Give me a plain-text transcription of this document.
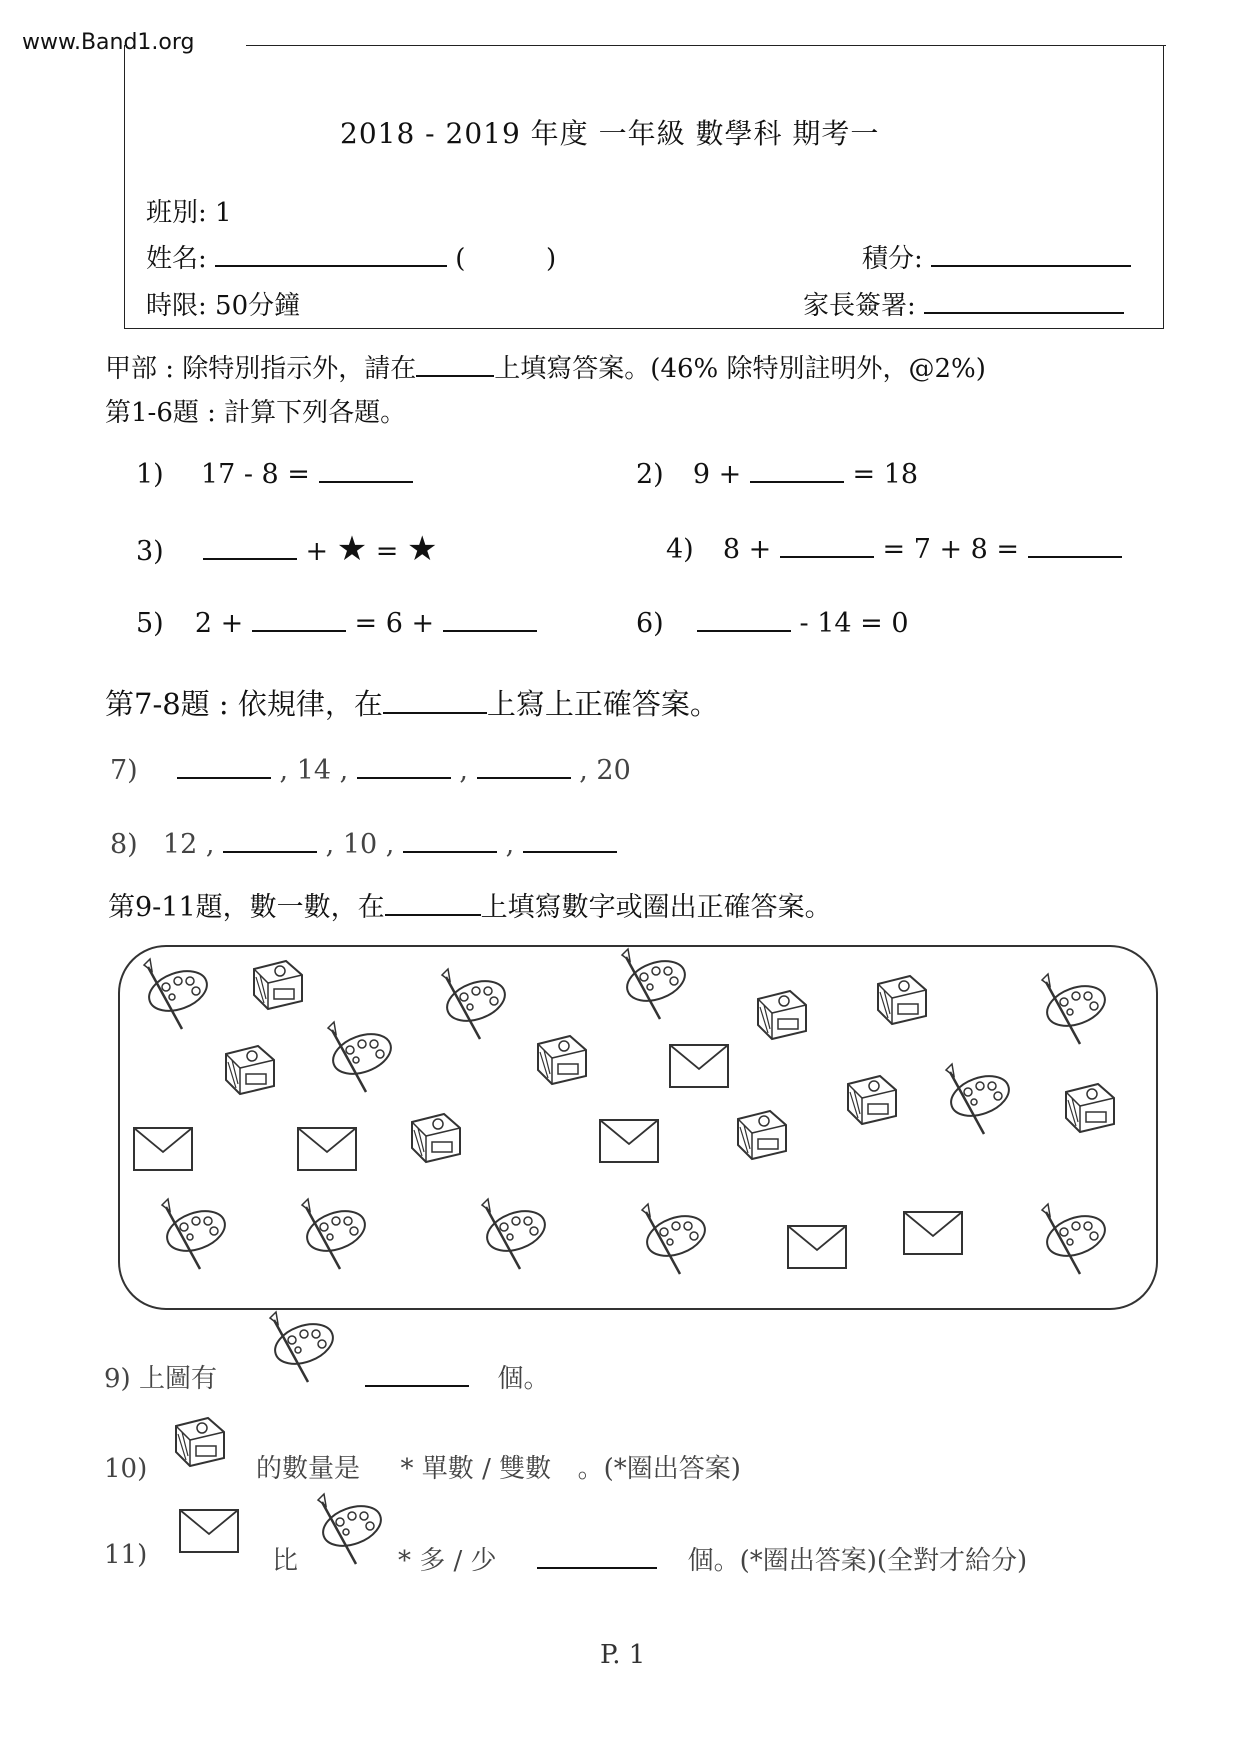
www.Band1.org
2018 - 2019 年度 一年級 數學科 期考一
班別: 1
姓名:	(	)	積分:
時限: 50分鐘	家長簽署:
甲部 : 除特別指示外，請在	上填寫答案。(46% 除特別註明外，@2%)
第1-6題 : 計算下列各題。
1) 17 - 8 =	2) 9 +	= 18
3)	+ ★ = ★	4) 8 +	= 7 + 8 =
5) 2 +	= 6 +	6)	- 14 = 0
第7-8題 : 依規律，在	上寫上正確答案。
7)	, 14 ,	,	, 20
8) 12 ,	, 10 ,	,
第9-11題，數一數，在	上填寫數字或圈出正確答案。
9) 上圖有	個。
10)	的數量是 * 單數 / 雙數 。(*圈出答案)
11)	比	* 多 / 少	個。(*圈出答案)(全對才給分)
P. 1
